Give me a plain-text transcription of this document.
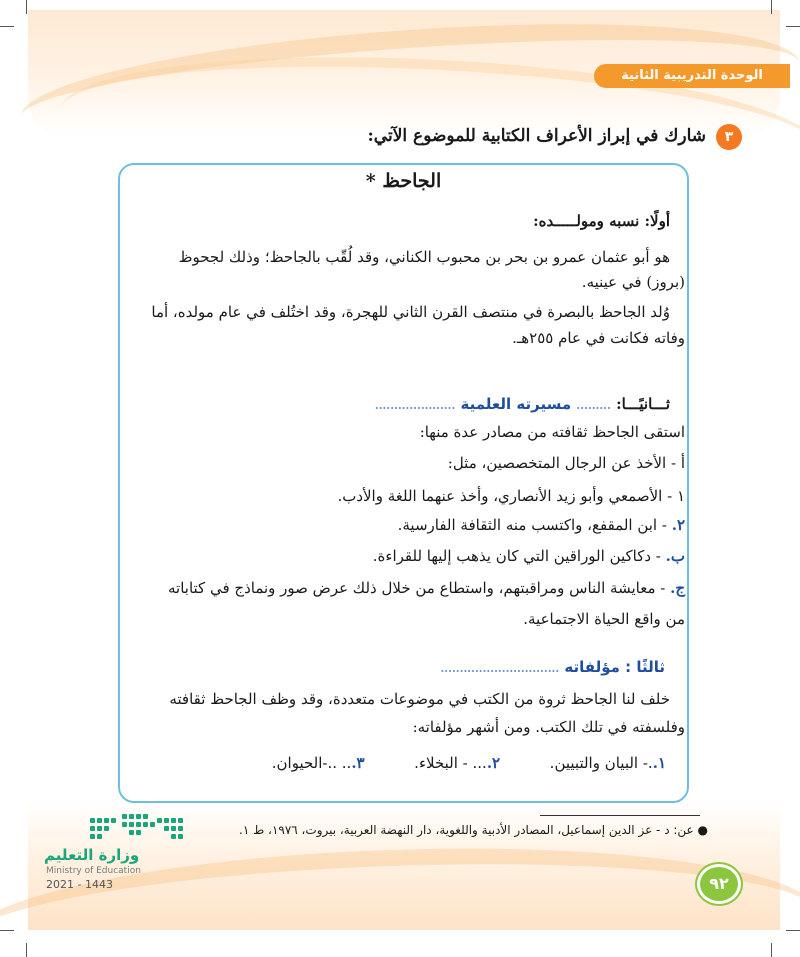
الوحدة التدريبية الثانية
٣
شارك في إبراز الأعراف الكتابية للموضوع الآتي:
الجاحظ *
أولًا: نسبه ومولـــــده:
هو أبو عثمان عمرو بن بحر بن محبوب الكناني، وقد لُقّب بالجاحظ؛ وذلك لجحوظ
(بروز) في عينيه.
وُلد الجاحظ بالبصرة في منتصف القرن الثاني للهجرة، وقد اختُلف في عام مولده، أما
وفاته فكانت في عام ٢٥٥هـ.
ثـــانيًـــا: ......... مسيرته العلمية .....................
استقى الجاحظ ثقافته من مصادر عدة منها:
أ - الأخذ عن الرجال المتخصصين، مثل:
١ - الأصمعي وأبو زيد الأنصاري، وأخذ عنهما اللغة والأدب.
٢. - ابن المقفع، واكتسب منه الثقافة الفارسية.
ب. - دكاكين الوراقين التي كان يذهب إليها للقراءة.
ج. - معايشة الناس ومراقبتهم، واستطاع من خلال ذلك عرض صور ونماذج في كتاباته
من واقع الحياة الاجتماعية.
ثالثًا : مؤلفاته ...............................
خلف لنا الجاحظ ثروة من الكتب في موضوعات متعددة، وقد وظف الجاحظ ثقافته
وفلسفته في تلك الكتب. ومن أشهر مؤلفاته:
١..- البيان والتبيين.  ٢.... - البخلاء.  ٣... ..-الحيوان.
● عن: د - عز الدين إسماعيل، المصادر الأدبية واللغوية، دار النهضة العربية، بيروت، ١٩٧٦، ط ١.
٩٢
وزارة التعليم
Ministry of Education
2021 - 1443
